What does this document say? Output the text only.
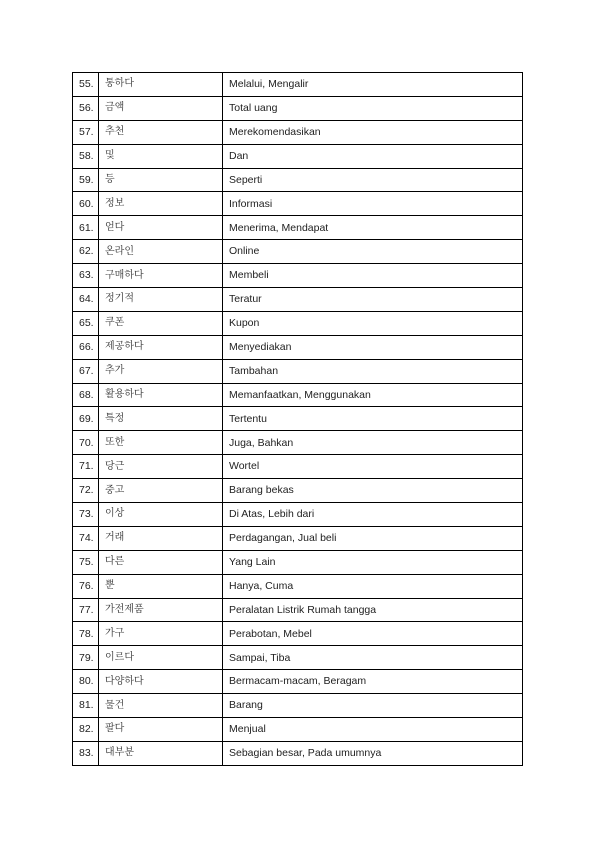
55.	통하다	Melalui, Mengalir
56.	금액	Total uang
57.	추천	Merekomendasikan
58.	및	Dan
59.	등	Seperti
60.	정보	Informasi
61.	얻다	Menerima, Mendapat
62.	온라인	Online
63.	구매하다	Membeli
64.	정기적	Teratur
65.	쿠폰	Kupon
66.	제공하다	Menyediakan
67.	추가	Tambahan
68.	활용하다	Memanfaatkan, Menggunakan
69.	특정	Tertentu
70.	또한	Juga, Bahkan
71.	당근	Wortel
72.	중고	Barang bekas
73.	이상	Di Atas, Lebih dari
74.	거래	Perdagangan, Jual beli
75.	다른	Yang Lain
76.	뿐	Hanya, Cuma
77.	가전제품	Peralatan Listrik Rumah tangga
78.	가구	Perabotan, Mebel
79.	이르다	Sampai, Tiba
80.	다양하다	Bermacam-macam, Beragam
81.	물건	Barang
82.	팔다	Menjual
83.	대부분	Sebagian besar, Pada umumnya
